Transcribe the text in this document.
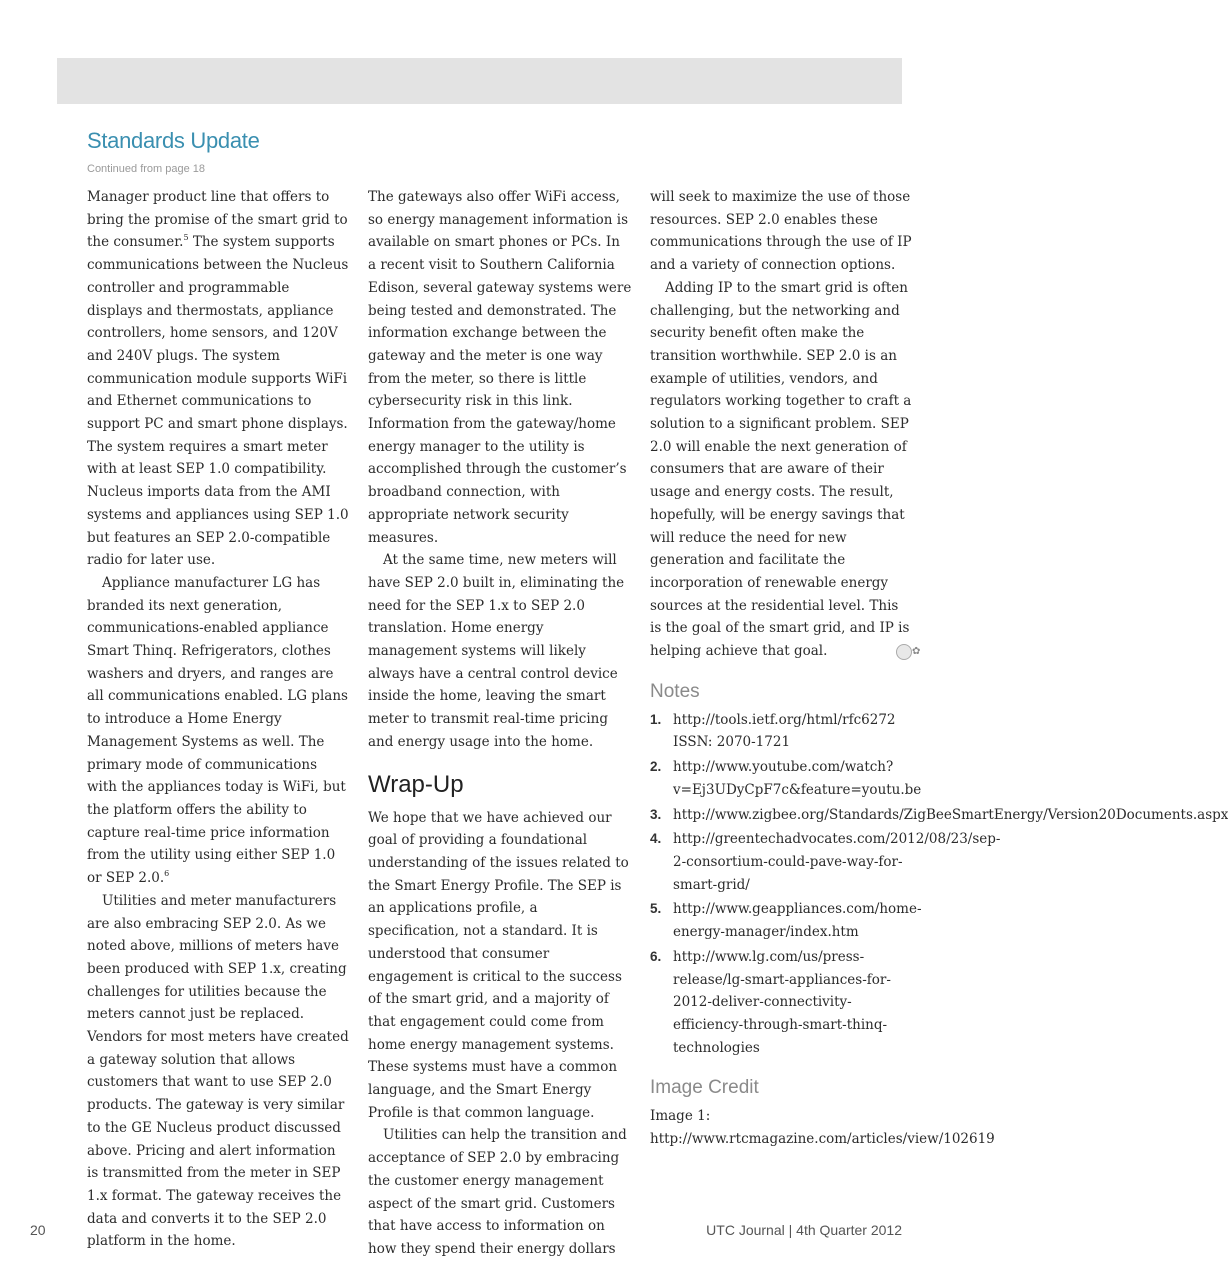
Standards Update
Continued from page 18

Manager product line that offers to bring the promise of the smart grid to the consumer.$^5$ The system supports communications between the Nucleus controller and programmable displays and thermostats, appliance controllers, home sensors, and 120V and 240V plugs. The system communication module supports WiFi and Ethernet communications to support PC and smart phone displays. The system requires a smart meter with at least SEP 1.0 compatibility. Nucleus imports data from the AMI systems and appliances using SEP 1.0 but features an SEP 2.0-compatible radio for later use.

Appliance manufacturer LG has branded its next generation, communications-enabled appliance Smart Thinq. Refrigerators, clothes washers and dryers, and ranges are all communications enabled. LG plans to introduce a Home Energy Management Systems as well. The primary mode of communications with the appliances today is WiFi, but the platform offers the ability to capture real-time price information from the utility using either SEP 1.0 or SEP 2.0.$^6$

Utilities and meter manufacturers are also embracing SEP 2.0. As we noted above, millions of meters have been produced with SEP 1.x, creating challenges for utilities because the meters cannot just be replaced. Vendors for most meters have created a gateway solution that allows customers that want to use SEP 2.0 products. The gateway is very similar to the GE Nucleus product discussed above. Pricing and alert information is transmitted from the meter in SEP 1.x format. The gateway receives the data and converts it to the SEP 2.0 platform in the home.

The gateways also offer WiFi access, so energy management information is available on smart phones or PCs. In a recent visit to Southern California Edison, several gateway systems were being tested and demonstrated. The information exchange between the gateway and the meter is one way from the meter, so there is little cybersecurity risk in this link. Information from the gateway/home energy manager to the utility is accomplished through the customer’s broadband connection, with appropriate network security measures.

At the same time, new meters will have SEP 2.0 built in, eliminating the need for the SEP 1.x to SEP 2.0 translation. Home energy management systems will likely always have a central control device inside the home, leaving the smart meter to transmit real-time pricing and energy usage into the home.

Wrap-Up

We hope that we have achieved our goal of providing a foundational understanding of the issues related to the Smart Energy Profile. The SEP is an applications profile, a specification, not a standard. It is understood that consumer engagement is critical to the success of the smart grid, and a majority of that engagement could come from home energy management systems. These systems must have a common language, and the Smart Energy Profile is that common language.

Utilities can help the transition and acceptance of SEP 2.0 by embracing the customer energy management aspect of the smart grid. Customers that have access to information on how they spend their energy dollars

will seek to maximize the use of those resources. SEP 2.0 enables these communications through the use of IP and a variety of connection options.

Adding IP to the smart grid is often challenging, but the networking and security benefit often make the transition worthwhile. SEP 2.0 is an example of utilities, vendors, and regulators working together to craft a solution to a significant problem. SEP 2.0 will enable the next generation of consumers that are aware of their usage and energy costs. The result, hopefully, will be energy savings that will reduce the need for new generation and facilitate the incorporation of renewable energy sources at the residential level. This is the goal of the smart grid, and IP is helping achieve that goal.	✿

Notes
1. http://tools.ietf.org/html/rfc6272 ISSN: 2070-1721
2. http://www.youtube.com/watch?v=Ej3UDyCpF7c&feature=youtu.be
3. http://www.zigbee.org/Standards/ZigBeeSmartEnergy/Version20Documents.aspx
4. http://greentechadvocates.com/2012/08/23/sep-2-consortium-could-pave-way-for-smart-grid/
5. http://www.geappliances.com/home-energy-manager/index.htm
6. http://www.lg.com/us/press-release/lg-smart-appliances-for-2012-deliver-connectivity-efficiency-through-smart-thinq-technologies
Image Credit

Image 1: http://www.rtcmagazine.com/articles/view/102619

20	UTC Journal | 4th Quarter 2012
